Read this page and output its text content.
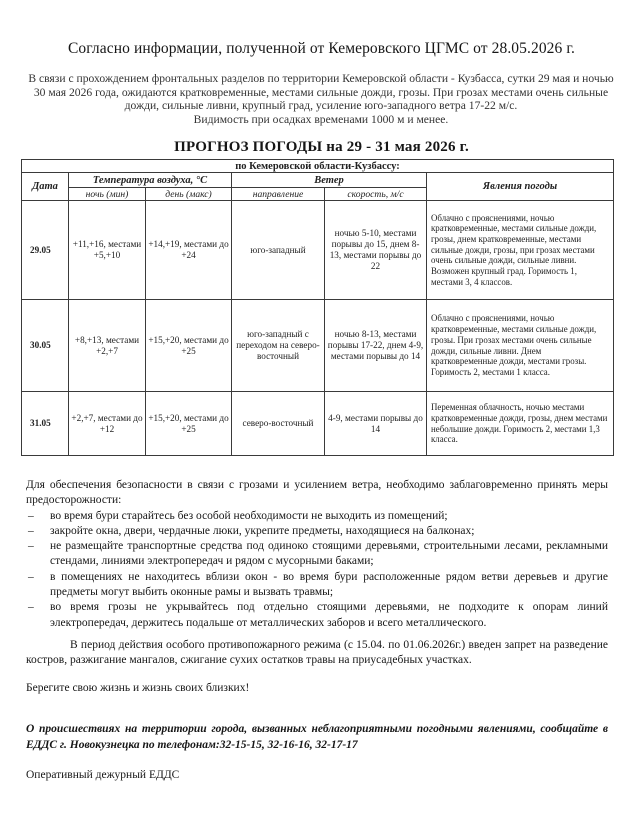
Согласно информации, полученной от Кемеровского ЦГМС от 28.05.2026 г.
В связи с прохождением фронтальных разделов по территории Кемеровской области - Кузбасса, сутки 29 мая и ночью 30 мая 2026 года, ожидаются кратковременные, местами сильные дожди, грозы. При грозах местами очень сильные дожди, сильные ливни, крупный град, усиление юго-западного ветра 17-22 м/с.
Видимость при осадках временами 1000 м и менее.
ПРОГНОЗ ПОГОДЫ на 29 - 31 мая 2026 г.
по Кемеровской области-Кузбассу:					
Дата	Температура воздуха, °С		Ветер		Явления погоды
	ночь (мин)	день (макс)	направление	скорость, м/с	
29.05	+11,+16, местами +5,+10	+14,+19, местами до +24	юго-западный	ночью 5-10, местами порывы до 15, днем 8-13, местами порывы до 22	Облачно с прояснениями, ночью кратковременные, местами сильные дожди, грозы, днем кратковременные, местами сильные дожди, грозы, при грозах местами очень сильные дожди, сильные ливни. Возможен крупный град. Горимость 1, местами 3, 4 классов.
30.05	+8,+13, местами +2,+7	+15,+20, местами до +25	юго-западный с переходом на северо-восточный	ночью 8-13, местами порывы 17-22, днем 4-9, местами порывы до 14	Облачно с прояснениями, ночью кратковременные, местами сильные дожди, грозы. При грозах местами очень сильные дожди, сильные ливни. Днем кратковременные дожди, местами грозы. Горимость 2, местами 1 класса.
31.05	+2,+7, местами до +12	+15,+20, местами до +25	северо-восточный	4-9, местами порывы до 14	Переменная облачность, ночью местами кратковременные дожди, грозы, днем местами небольшие дожди. Горимость 2, местами 1,3 класса.

Для обеспечения безопасности в связи с грозами и усилением ветра, необходимо заблаговременно принять меры предосторожности:

– во время бури старайтесь без особой необходимости не выходить из помещений;
– закройте окна, двери, чердачные люки, укрепите предметы, находящиеся на балконах;
– не размещайте транспортные средства под одиноко стоящими деревьями, строительными лесами, рекламными стендами, линиями электропередач и рядом с мусорными баками;
– в помещениях не находитесь вблизи окон - во время бури расположенные рядом ветви деревьев и другие предметы могут выбить оконные рамы и вызвать травмы;
– во время грозы не укрывайтесь под отдельно стоящими деревьями, не подходите к опорам линий электропередач, держитесь подальше от металлических заборов и всего металлического.
В период действия особого противопожарного режима (с 15.04. по 01.06.2026г.) введен запрет на разведение костров, разжигание мангалов, сжигание сухих остатков травы на приусадебных участках.
Берегите свою жизнь и жизнь своих близких!
О происшествиях на территории города, вызванных неблагоприятными погодными явлениями, сообщайте в ЕДДС г. Новокузнецка по телефонам:32-15-15, 32-16-16, 32-17-17
Оперативный дежурный ЕДДС
